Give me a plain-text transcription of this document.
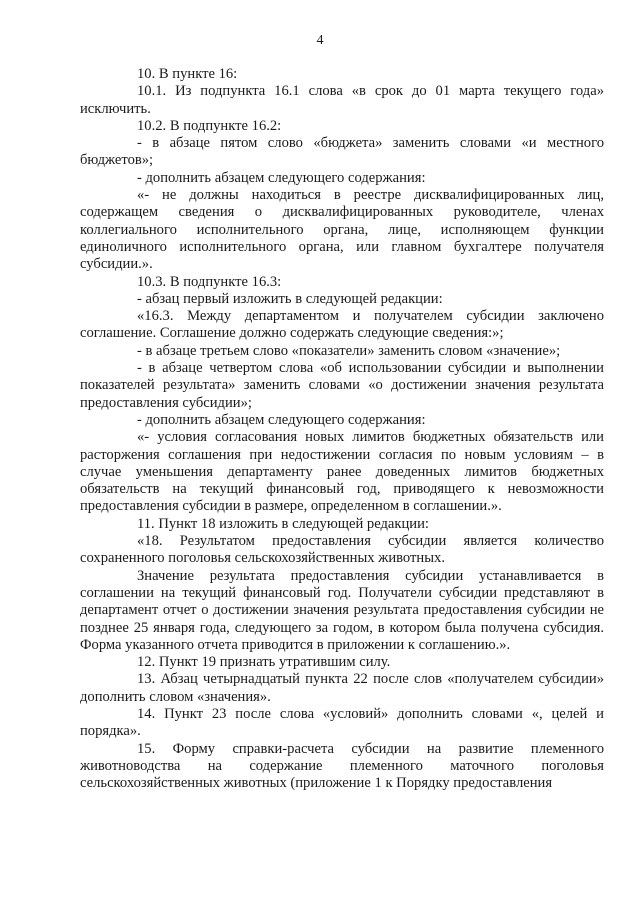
4

10. В пункте 16:

10.1. Из подпункта 16.1 слова «в срок до 01 марта текущего года» исключить.

10.2. В подпункте 16.2:

- в абзаце пятом слово «бюджета» заменить словами «и местного бюджетов»;

- дополнить абзацем следующего содержания:

«- не должны находиться в реестре дисквалифицированных лиц, содержащем сведения о дисквалифицированных руководителе, членах коллегиального исполнительного органа, лице, исполняющем функции единоличного исполнительного органа, или главном бухгалтере получателя субсидии.».

10.3. В подпункте 16.3:

- абзац первый изложить в следующей редакции:

«16.3. Между департаментом и получателем субсидии заключено соглашение. Соглашение должно содержать следующие сведения:»;

- в абзаце третьем слово «показатели» заменить словом «значение»;

- в абзаце четвертом слова «об использовании субсидии и выполнении показателей результата» заменить словами «о достижении значения результата предоставления субсидии»;

- дополнить абзацем следующего содержания:

«- условия согласования новых лимитов бюджетных обязательств или расторжения соглашения при недостижении согласия по новым условиям – в случае уменьшения департаменту ранее доведенных лимитов бюджетных обязательств на текущий финансовый год, приводящего к невозможности предоставления субсидии в размере, определенном в соглашении.».

11. Пункт 18 изложить в следующей редакции:

«18. Результатом предоставления субсидии является количество сохраненного поголовья сельскохозяйственных животных.

Значение результата предоставления субсидии устанавливается в соглашении на текущий финансовый год. Получатели субсидии представляют в департамент отчет о достижении значения результата предоставления субсидии не позднее 25 января года, следующего за годом, в котором была получена субсидия. Форма указанного отчета приводится в приложении к соглашению.».

12. Пункт 19 признать утратившим силу.

13. Абзац четырнадцатый пункта 22 после слов «получателем субсидии» дополнить словом «значения».

14. Пункт 23 после слова «условий» дополнить словами «, целей и порядка».

15. Форму справки-расчета субсидии на развитие племенного животноводства на содержание племенного маточного поголовья сельскохозяйственных животных (приложение 1 к Порядку предоставления
